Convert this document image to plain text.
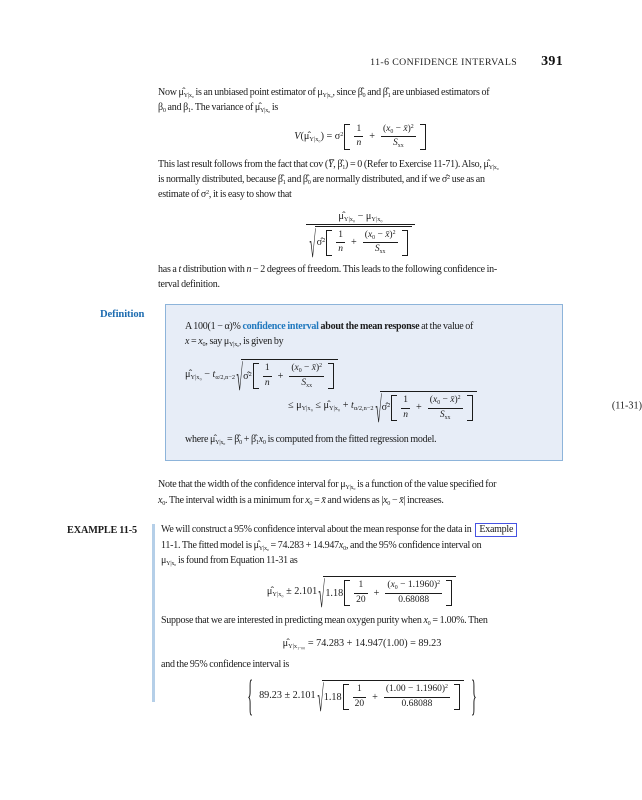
11-6 CONFIDENCE INTERVALS 391

Now $\mû_{Y|x_0}$ is an unbiased point estimator of $\mu_{Y|x_0}$, since $\betâ_0$ and $\betâ_1$ are unbiased estimators of
$\beta_0$ and $\beta_1$. The variance of $\mû_{Y|x_0}$ is

$V(\mû_{Y|x_0}) = \sigma^2 \frac{1}{n} + \frac{(x_0 - x̄)^2}{S_{xx}}$

This last result follows from the fact that cov (Y̅, $\betâ_1) = 0$ (Refer to Exercise 11-71). Also, $\mû_{Y|x_0}$
is normally distributed, because $\betâ_1$ and $\betâ_0$ are normally distributed, and if we σ̂$^2$ use as an
estimate of $\sigma^2$, it is easy to show that

$\mû_{Y|x_0} - \mu_{Y|x_0}$
√ σ̂$^2$ $\frac{1}{n} + \frac{(x_0 - x̄)^2}{S_{xx}}$

has a t distribution with n − 2 degrees of freedom. This leads to the following confidence in-
terval definition.

Definition

A 100(1 − α)% confidence interval about the mean response at the value of
$x = x_0$, say $\mu_{Y|x_0}$, is given by

$\mû_{Y|x_0} - t_{\alpha/2,n-2}$ √ σ̂$^2$ $\frac{1}{n} + \frac{(x_0 - x̄)^2}{S_{xx}}$
≤ $\mu_{Y|x_0}$ ≤ $\mû_{Y|x_0} + t_{\alpha/2,n-2}$ √ σ̂$^2$ $\frac{1}{n} + \frac{(x_0 - x̄)^2}{S_{xx}}$	(11-31)

where $\mû_{Y|x_0}$ = $\betâ_0$ + $\betâ_1x_0$ is computed from the fitted regression model.

Note that the width of the confidence interval for $\mu_{Y|x_0}$ is a function of the value specified for
$x_0$. The interval width is a minimum for $x_0$ = x̄ and widens as $|x_0$ − x̄| increases.

EXAMPLE 11-5 We will construct a 95% confidence interval about the mean response for the data in Example
11-1. The fitted model is $\mû_{Y|x_0} = 74.283 + 14.947x_0$, and the 95% confidence interval on
$\mu_{Y|x_0}$ is found from Equation 11-31 as

$\mû_{Y|x_0} \pm 2.101$ √ $1.18 \frac{1}{20} + \frac{(x_0 - 1.1960)^2}{0.68088}$

Suppose that we are interested in predicting mean oxygen purity when $x_0 = 1.00\%$. Then

$\mû_{Y|x_1._{00}} = 74.283 + 14.947(1.00) = 89.23$

and the 95% confidence interval is

{ 89.23 ± 2.101 √ $1.18 \frac{1}{20} + \frac{(1.00 - 1.1960)^2}{0.68088}$ }
